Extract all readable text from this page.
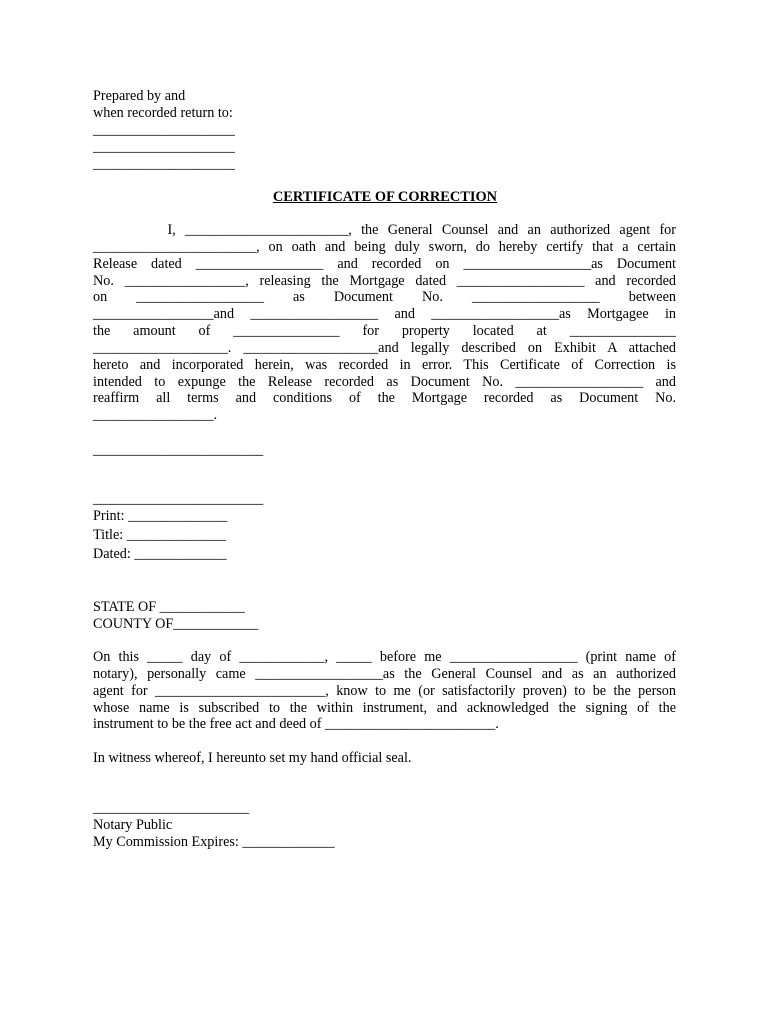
Prepared by and
when recorded return to:
____________________
____________________
____________________
CERTIFICATE OF CORRECTION
I, _______________________, the General Counsel and an authorized agent for
_______________________, on oath and being duly sworn, do hereby certify that a certain
Release dated __________________ and recorded on __________________as Document
No. _________________, releasing the Mortgage dated __________________ and recorded
on __________________ as Document No. __________________ between
_________________and __________________ and __________________as Mortgagee in
the amount of _______________ for property located at _______________
___________________. ___________________and legally described on Exhibit A attached
hereto and incorporated herein, was recorded in error. This Certificate of Correction is
intended to expunge the Release recorded as Document No. __________________ and
reaffirm all terms and conditions of the Mortgage recorded as Document No.
_________________.
________________________
________________________
Print: ______________
Title: ______________
Dated: _____________
STATE OF ____________
COUNTY OF____________
On this _____ day of ____________, _____ before me __________________ (print name of
notary), personally came __________________as the General Counsel and as an authorized
agent for ________________________, know to me (or satisfactorily proven) to be the person
whose name is subscribed to the within instrument, and acknowledged the signing of the
instrument to be the free act and deed of ________________________.
In witness whereof, I hereunto set my hand official seal.
______________________
Notary Public
My Commission Expires: _____________
